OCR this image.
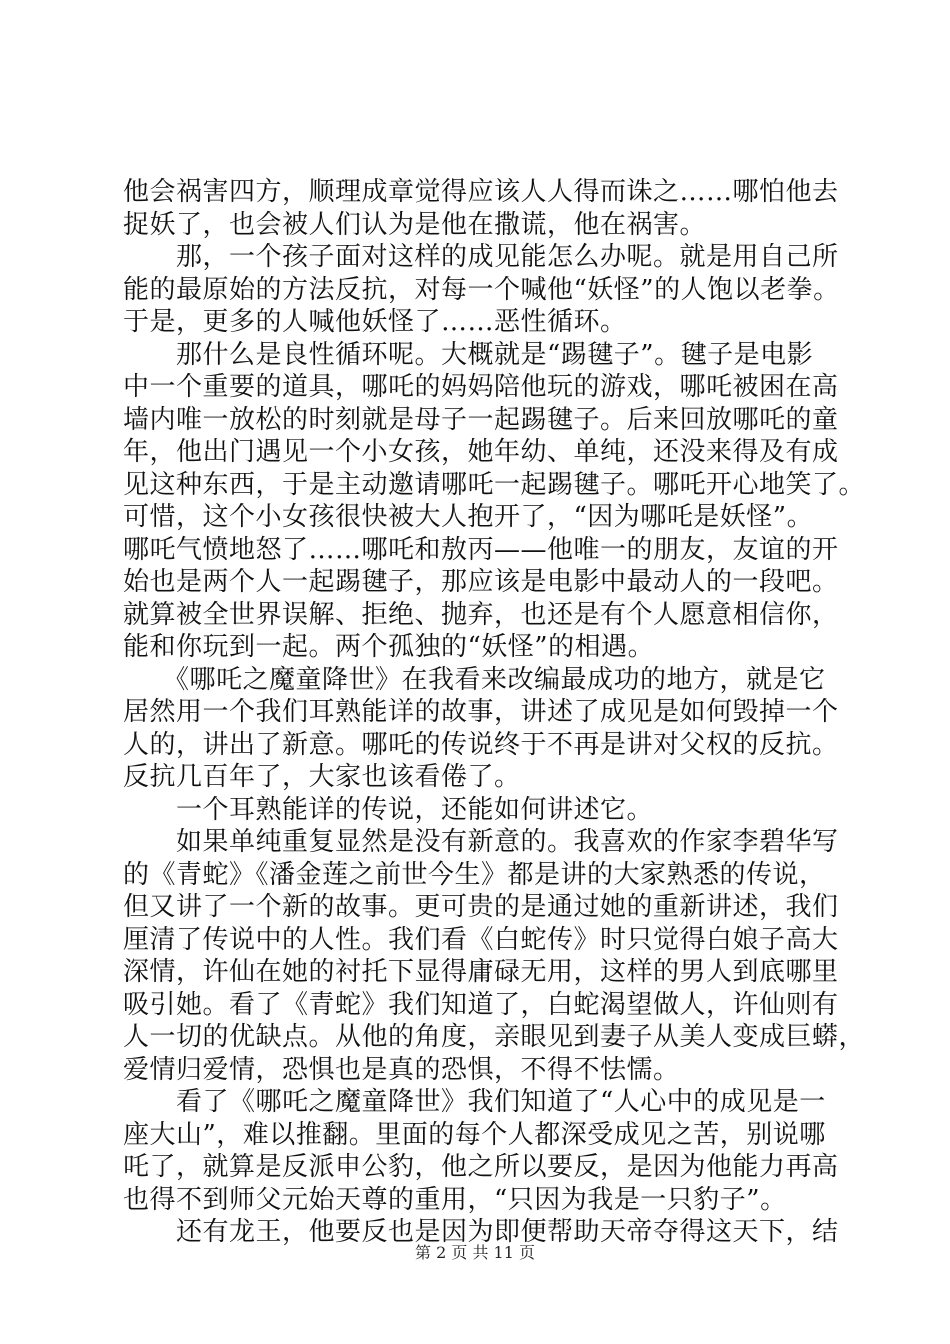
他会祸害四方，顺理成章觉得应该人人得而诛之……哪怕他去
捉妖了，也会被人们认为是他在撒谎，他在祸害。
　　那，一个孩子面对这样的成见能怎么办呢。就是用自己所
能的最原始的方法反抗，对每一个喊他“妖怪”的人饱以老拳。
于是，更多的人喊他妖怪了……恶性循环。
　　那什么是良性循环呢。大概就是“踢毽子”。毽子是电影
中一个重要的道具，哪吒的妈妈陪他玩的游戏，哪吒被困在高
墙内唯一放松的时刻就是母子一起踢毽子。后来回放哪吒的童
年，他出门遇见一个小女孩，她年幼、单纯，还没来得及有成
见这种东西，于是主动邀请哪吒一起踢毽子。哪吒开心地笑了。
可惜，这个小女孩很快被大人抱开了，“因为哪吒是妖怪”。
哪吒气愤地怒了……哪吒和敖丙——他唯一的朋友，友谊的开
始也是两个人一起踢毽子，那应该是电影中最动人的一段吧。
就算被全世界误解、拒绝、抛弃，也还是有个人愿意相信你，
能和你玩到一起。两个孤独的“妖怪”的相遇。
　　《哪吒之魔童降世》在我看来改编最成功的地方，就是它
居然用一个我们耳熟能详的故事，讲述了成见是如何毁掉一个
人的，讲出了新意。哪吒的传说终于不再是讲对父权的反抗。
反抗几百年了，大家也该看倦了。
　　一个耳熟能详的传说，还能如何讲述它。
　　如果单纯重复显然是没有新意的。我喜欢的作家李碧华写
的《青蛇》《潘金莲之前世今生》都是讲的大家熟悉的传说，
但又讲了一个新的故事。更可贵的是通过她的重新讲述，我们
厘清了传说中的人性。我们看《白蛇传》时只觉得白娘子高大
深情，许仙在她的衬托下显得庸碌无用，这样的男人到底哪里
吸引她。看了《青蛇》我们知道了，白蛇渴望做人，许仙则有
人一切的优缺点。从他的角度，亲眼见到妻子从美人变成巨蟒，
爱情归爱情，恐惧也是真的恐惧，不得不怯懦。
　　看了《哪吒之魔童降世》我们知道了“人心中的成见是一
座大山”，难以推翻。里面的每个人都深受成见之苦，别说哪
吒了，就算是反派申公豹，他之所以要反，是因为他能力再高
也得不到师父元始天尊的重用，“只因为我是一只豹子”。
　　还有龙王，他要反也是因为即便帮助天帝夺得这天下，结
第 2 页 共 11 页
